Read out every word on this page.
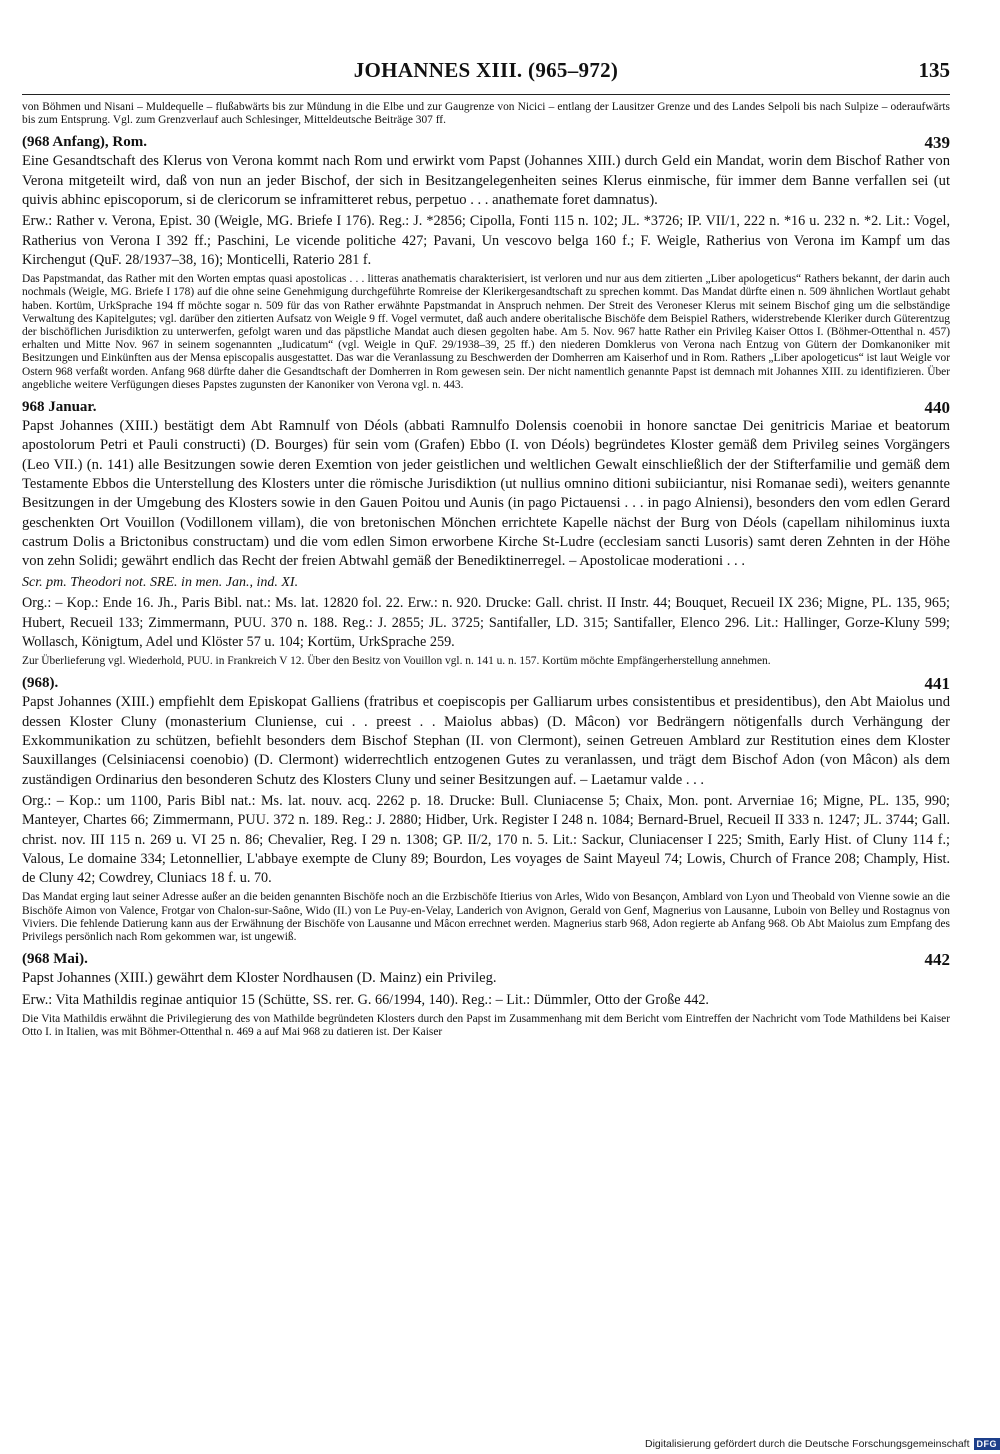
JOHANNES XIII. (965–972)	135
von Böhmen und Nisani – Muldequelle – flußabwärts bis zur Mündung in die Elbe und zur Gaugrenze von Nicici – entlang der Lausitzer Grenze und des Landes Selpoli bis nach Sulpize – oderaufwärts bis zum Entsprung. Vgl. zum Grenzverlauf auch Schlesinger, Mitteldeutsche Beiträge 307 ff.
(968 Anfang), Rom.	439
Eine Gesandtschaft des Klerus von Verona kommt nach Rom und erwirkt vom Papst (Johannes XIII.) durch Geld ein Mandat, worin dem Bischof Rather von Verona mitgeteilt wird, daß von nun an jeder Bischof, der sich in Besitzangelegenheiten seines Klerus einmische, für immer dem Banne verfallen sei (ut quivis abhinc episcoporum, si de clericorum se inframitteret rebus, perpetuo . . . anathemate foret damnatus).
Erw.: Rather v. Verona, Epist. 30 (Weigle, MG. Briefe I 176). Reg.: J. *2856; Cipolla, Fonti 115 n. 102; JL. *3726; IP. VII/1, 222 n. *16 u. 232 n. *2. Lit.: Vogel, Ratherius von Verona I 392 ff.; Paschini, Le vicende politiche 427; Pavani, Un vescovo belga 160 f.; F. Weigle, Ratherius von Verona im Kampf um das Kirchengut (QuF. 28/1937–38, 16); Monticelli, Raterio 281 f.
Das Papstmandat, das Rather mit den Worten emptas quasi apostolicas . . . litteras anathematis charakterisiert, ist verloren und nur aus dem zitierten „Liber apologeticus“ Rathers bekannt, der darin auch nochmals (Weigle, MG. Briefe I 178) auf die ohne seine Genehmigung durchgeführte Romreise der Klerikergesandtschaft zu sprechen kommt. Das Mandat dürfte einen n. 509 ähnlichen Wortlaut gehabt haben. Kortüm, UrkSprache 194 ff möchte sogar n. 509 für das von Rather erwähnte Papstmandat in Anspruch nehmen. Der Streit des Veroneser Klerus mit seinem Bischof ging um die selbständige Verwaltung des Kapitelgutes; vgl. darüber den zitierten Aufsatz von Weigle 9 ff. Vogel vermutet, daß auch andere oberitalische Bischöfe dem Beispiel Rathers, widerstrebende Kleriker durch Güterentzug der bischöflichen Jurisdiktion zu unterwerfen, gefolgt waren und das päpstliche Mandat auch diesen gegolten habe. Am 5. Nov. 967 hatte Rather ein Privileg Kaiser Ottos I. (Böhmer-Ottenthal n. 457) erhalten und Mitte Nov. 967 in seinem sogenannten „Iudicatum“ (vgl. Weigle in QuF. 29/1938–39, 25 ff.) den niederen Domklerus von Verona nach Entzug von Gütern der Domkanoniker mit Besitzungen und Einkünften aus der Mensa episcopalis ausgestattet. Das war die Veranlassung zu Beschwerden der Domherren am Kaiserhof und in Rom. Rathers „Liber apologeticus“ ist laut Weigle vor Ostern 968 verfaßt worden. Anfang 968 dürfte daher die Gesandtschaft der Domherren in Rom gewesen sein. Der nicht namentlich genannte Papst ist demnach mit Johannes XIII. zu identifizieren. Über angebliche weitere Verfügungen dieses Papstes zugunsten der Kanoniker von Verona vgl. n. 443.
968 Januar.	440
Papst Johannes (XIII.) bestätigt dem Abt Ramnulf von Déols (abbati Ramnulfo Dolensis coenobii in honore sanctae Dei genitricis Mariae et beatorum apostolorum Petri et Pauli constructi) (D. Bourges) für sein vom (Grafen) Ebbo (I. von Déols) begründetes Kloster gemäß dem Privileg seines Vorgängers (Leo VII.) (n. 141) alle Besitzungen sowie deren Exemtion von jeder geistlichen und weltlichen Gewalt einschließlich der der Stifterfamilie und gemäß dem Testamente Ebbos die Unterstellung des Klosters unter die römische Jurisdiktion (ut nullius omnino ditioni subiiciantur, nisi Romanae sedi), weiters genannte Besitzungen in der Umgebung des Klosters sowie in den Gauen Poitou und Aunis (in pago Pictauensi . . . in pago Alniensi), besonders den vom edlen Gerard geschenkten Ort Vouillon (Vodillonem villam), die von bretonischen Mönchen errichtete Kapelle nächst der Burg von Déols (capellam nihilominus iuxta castrum Dolis a Brictonibus constructam) und die vom edlen Simon erworbene Kirche St-Ludre (ecclesiam sancti Lusoris) samt deren Zehnten in der Höhe von zehn Solidi; gewährt endlich das Recht der freien Abtwahl gemäß der Benediktinerregel. – Apostolicae moderationi . . .
Scr. pm. Theodori not. SRE. in men. Jan., ind. XI.
Org.: – Kop.: Ende 16. Jh., Paris Bibl. nat.: Ms. lat. 12820 fol. 22. Erw.: n. 920. Drucke: Gall. christ. II Instr. 44; Bouquet, Recueil IX 236; Migne, PL. 135, 965; Hubert, Recueil 133; Zimmermann, PUU. 370 n. 188. Reg.: J. 2855; JL. 3725; Santifaller, LD. 315; Santifaller, Elenco 296. Lit.: Hallinger, Gorze-Kluny 599; Wollasch, Königtum, Adel und Klöster 57 u. 104; Kortüm, UrkSprache 259.
Zur Überlieferung vgl. Wiederhold, PUU. in Frankreich V 12. Über den Besitz von Vouillon vgl. n. 141 u. n. 157. Kortüm möchte Empfängerherstellung annehmen.
(968).	441
Papst Johannes (XIII.) empfiehlt dem Episkopat Galliens (fratribus et coepiscopis per Galliarum urbes consistentibus et presidentibus), den Abt Maiolus und dessen Kloster Cluny (monasterium Cluniense, cui . . preest . . Maiolus abbas) (D. Mâcon) vor Bedrängern nötigenfalls durch Verhängung der Exkommunikation zu schützen, befiehlt besonders dem Bischof Stephan (II. von Clermont), seinen Getreuen Amblard zur Restitution eines dem Kloster Sauxillanges (Celsiniacensi coenobio) (D. Clermont) widerrechtlich entzogenen Gutes zu veranlassen, und trägt dem Bischof Adon (von Mâcon) als dem zuständigen Ordinarius den besonderen Schutz des Klosters Cluny und seiner Besitzungen auf. – Laetamur valde . . .
Org.: – Kop.: um 1100, Paris Bibl nat.: Ms. lat. nouv. acq. 2262 p. 18. Drucke: Bull. Cluniacense 5; Chaix, Mon. pont. Arverniae 16; Migne, PL. 135, 990; Manteyer, Chartes 66; Zimmermann, PUU. 372 n. 189. Reg.: J. 2880; Hidber, Urk. Register I 248 n. 1084; Bernard-Bruel, Recueil II 333 n. 1247; JL. 3744; Gall. christ. nov. III 115 n. 269 u. VI 25 n. 86; Chevalier, Reg. I 29 n. 1308; GP. II/2, 170 n. 5. Lit.: Sackur, Cluniacenser I 225; Smith, Early Hist. of Cluny 114 f.; Valous, Le domaine 334; Letonnellier, L'abbaye exempte de Cluny 89; Bourdon, Les voyages de Saint Mayeul 74; Lowis, Church of France 208; Champly, Hist. de Cluny 42; Cowdrey, Cluniacs 18 f. u. 70.
Das Mandat erging laut seiner Adresse außer an die beiden genannten Bischöfe noch an die Erzbischöfe Itierius von Arles, Wido von Besançon, Amblard von Lyon und Theobald von Vienne sowie an die Bischöfe Aimon von Valence, Frotgar von Chalon-sur-Saône, Wido (II.) von Le Puy-en-Velay, Landerich von Avignon, Gerald von Genf, Magnerius von Lausanne, Luboin von Belley und Rostagnus von Viviers. Die fehlende Datierung kann aus der Erwähnung der Bischöfe von Lausanne und Mâcon errechnet werden. Magnerius starb 968, Adon regierte ab Anfang 968. Ob Abt Maiolus zum Empfang des Privilegs persönlich nach Rom gekommen war, ist ungewiß.
(968 Mai).	442
Papst Johannes (XIII.) gewährt dem Kloster Nordhausen (D. Mainz) ein Privileg.
Erw.: Vita Mathildis reginae antiquior 15 (Schütte, SS. rer. G. 66/1994, 140). Reg.: – Lit.: Dümmler, Otto der Große 442.
Die Vita Mathildis erwähnt die Privilegierung des von Mathilde begründeten Klosters durch den Papst im Zusammenhang mit dem Bericht vom Eintreffen der Nachricht vom Tode Mathildens bei Kaiser Otto I. in Italien, was mit Böhmer-Ottenthal n. 469 a auf Mai 968 zu datieren ist. Der Kaiser
Digitalisierung gefördert durch die Deutsche Forschungsgemeinschaft DFG
